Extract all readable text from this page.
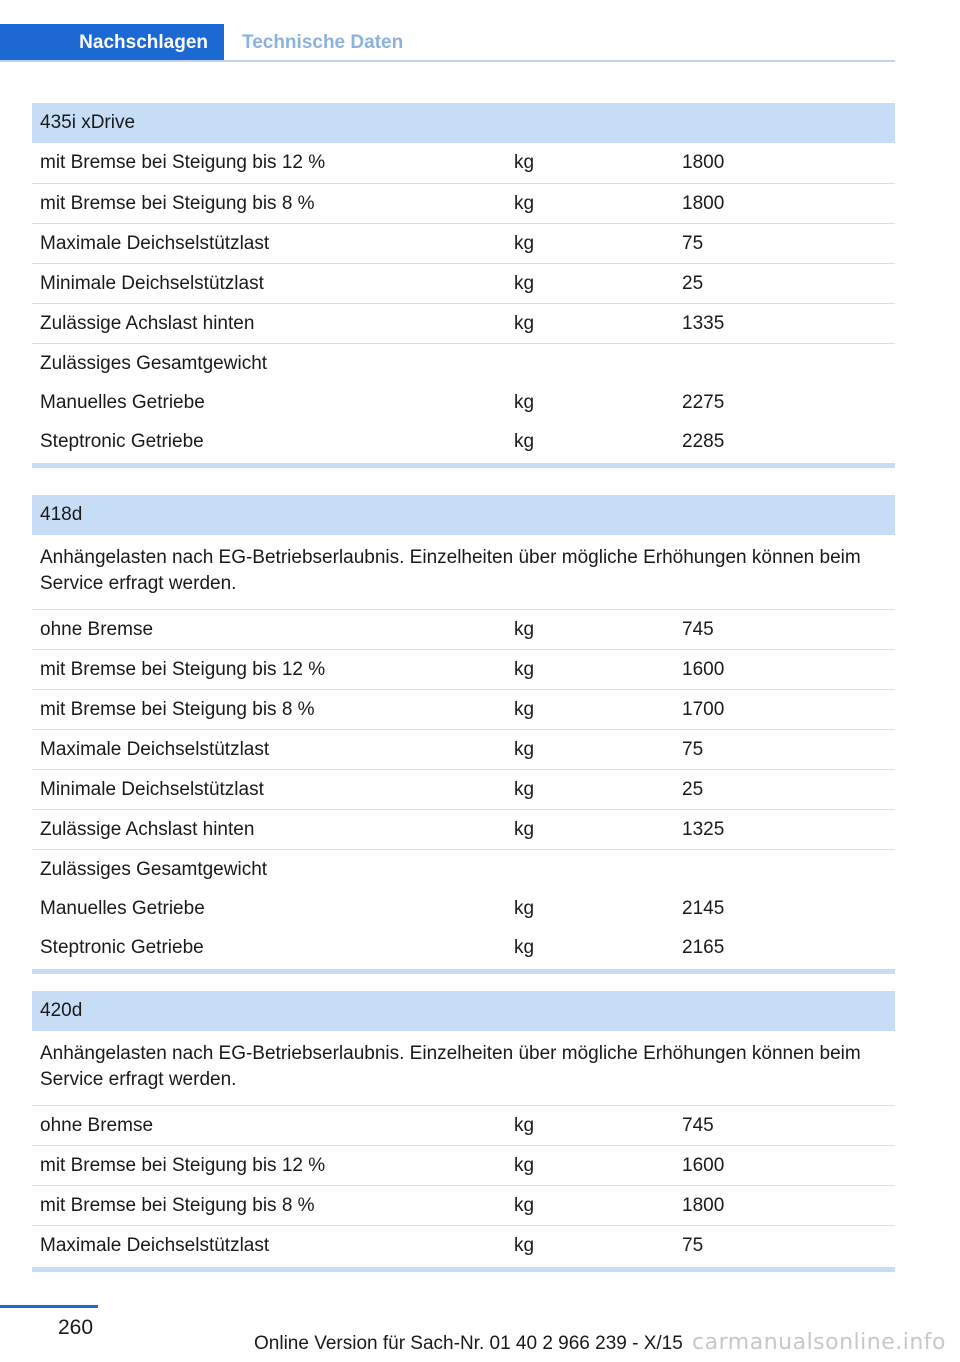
Nachschlagen Technische Daten
435i xDrive
mit Bremse bei Steigung bis 12 %	kg	1800
mit Bremse bei Steigung bis 8 %	kg	1800
Maximale Deichselstützlast	kg	75
Minimale Deichselstützlast	kg	25
Zulässige Achslast hinten	kg	1335
Zulässiges Gesamtgewicht
Manuelles Getriebe	kg	2275
Steptronic Getriebe	kg	2285
418d
Anhängelasten nach EG-Betriebserlaubnis. Einzelheiten über mögliche Erhöhungen können beim Service erfragt werden.
ohne Bremse	kg	745
mit Bremse bei Steigung bis 12 %	kg	1600
mit Bremse bei Steigung bis 8 %	kg	1700
Maximale Deichselstützlast	kg	75
Minimale Deichselstützlast	kg	25
Zulässige Achslast hinten	kg	1325
Zulässiges Gesamtgewicht
Manuelles Getriebe	kg	2145
Steptronic Getriebe	kg	2165
420d
Anhängelasten nach EG-Betriebserlaubnis. Einzelheiten über mögliche Erhöhungen können beim Service erfragt werden.
ohne Bremse	kg	745
mit Bremse bei Steigung bis 12 %	kg	1600
mit Bremse bei Steigung bis 8 %	kg	1800
Maximale Deichselstützlast	kg	75
260
Online Version für Sach-Nr. 01 40 2 966 239 - X/15 carmanualsonline.info
